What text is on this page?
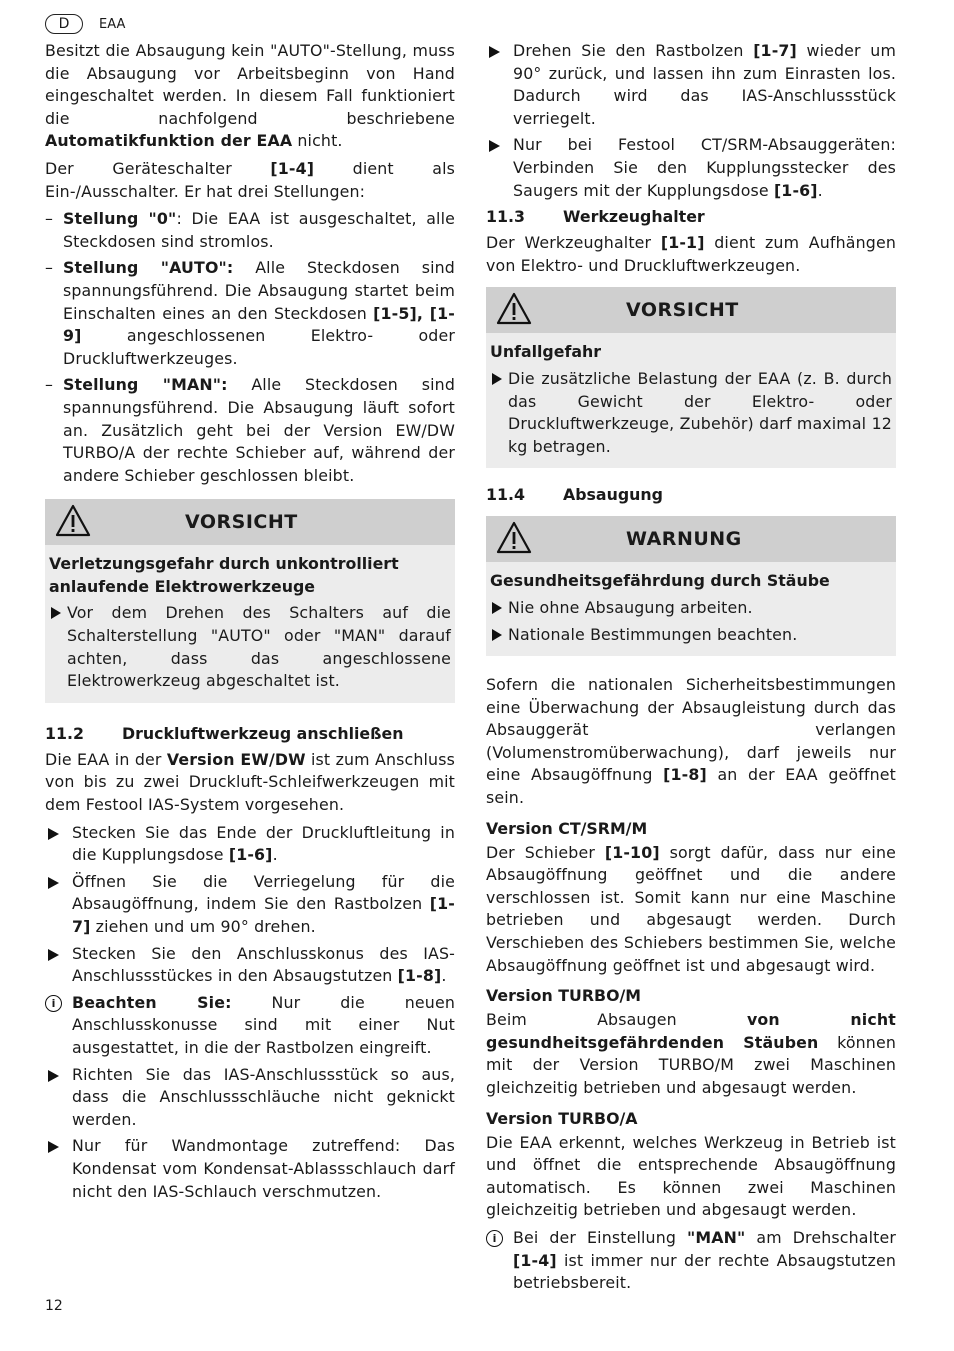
D	EAA

Besitzt die Absaugung kein "AUTO"-Stellung, muss die Absaugung vor Arbeitsbeginn von Hand eingeschaltet werden. In diesem Fall funktioniert die nachfolgend beschriebene Automatikfunktion der EAA nicht.

Der Geräteschalter [1-4] dient als Ein-/Ausschalter. Er hat drei Stellungen:

– Stellung "0": Die EAA ist ausgeschaltet, alle Steckdosen sind stromlos.
– Stellung "AUTO": Alle Steckdosen sind spannungsführend. Die Absaugung startet beim Einschalten eines an den Steckdosen [1-5], [1-9] angeschlossenen Elektro- oder Druckluftwerkzeuges.
– Stellung "MAN": Alle Steckdosen sind spannungsführend. Die Absaugung läuft sofort an. Zusätzlich geht bei der Version EW/DW TURBO/A der rechte Schieber auf, während der andere Schieber geschlossen bleibt.
VORSICHT
Verletzungsgefahr durch unkontrolliert anlaufende Elektrowerkzeuge
Vor dem Drehen des Schalters auf die Schalterstellung "AUTO" oder "MAN" darauf achten, dass das angeschlossene Elektrowerkzeug abgeschaltet ist.
11.2	Druckluftwerkzeug anschließen

Die EAA in der Version EW/DW ist zum Anschluss von bis zu zwei Druckluft-Schleifwerkzeugen mit dem Festool IAS-System vorgesehen.

Stecken Sie das Ende der Druckluftleitung in die Kupplungsdose [1-6].
Öffnen Sie die Verriegelung für die Absaugöffnung, indem Sie den Rastbolzen [1-7] ziehen und um 90° drehen.
Stecken Sie den Anschlusskonus des IAS-Anschlussstückes in den Absaugstutzen [1-8].
i	Beachten Sie: Nur die neuen Anschlusskonusse sind mit einer Nut ausgestattet, in die der Rastbolzen eingreift.
Richten Sie das IAS-Anschlussstück so aus, dass die Anschlussschläuche nicht geknickt werden.
Nur für Wandmontage zutreffend: Das Kondensat vom Kondensat-Ablassschlauch darf nicht den IAS-Schlauch verschmutzen.
Drehen Sie den Rastbolzen [1-7] wieder um 90° zurück, und lassen ihn zum Einrasten los. Dadurch wird das IAS-Anschlussstück verriegelt.
Nur bei Festool CT/SRM-Absauggeräten: Verbinden Sie den Kupplungsstecker des Saugers mit der Kupplungsdose [1-6].
11.3	Werkzeughalter

Der Werkzeughalter [1-1] dient zum Aufhängen von Elektro- und Druckluftwerkzeugen.

VORSICHT
Unfallgefahr
Die zusätzliche Belastung der EAA (z. B. durch das Gewicht der Elektro- oder Druckluftwerkzeuge, Zubehör) darf maximal 12 kg betragen.
11.4	Absaugung
WARNUNG
Gesundheitsgefährdung durch Stäube
Nie ohne Absaugung arbeiten.
Nationale Bestimmungen beachten.

Sofern die nationalen Sicherheitsbestimmungen eine Überwachung der Absaugleistung durch das Absauggerät verlangen (Volumenstromüberwachung), darf jeweils nur eine Absaugöffnung [1-8] an der EAA geöffnet sein.

Version CT/SRM/M

Der Schieber [1-10] sorgt dafür, dass nur eine Absaugöffnung geöffnet und die andere verschlossen ist. Somit kann nur eine Maschine betrieben und abgesaugt werden. Durch Verschieben des Schiebers bestimmen Sie, welche Absaugöffnung geöffnet ist und abgesaugt wird.

Version TURBO/M

Beim Absaugen von nicht gesundheitsgefährdenden Stäuben können mit der Version TURBO/M zwei Maschinen gleichzeitig betrieben und abgesaugt werden.

Version TURBO/A

Die EAA erkennt, welches Werkzeug in Betrieb ist und öffnet die entsprechende Absaugöffnung automatisch. Es können zwei Maschinen gleichzeitig betrieben und abgesaugt werden.

i	Bei der Einstellung "MAN" am Drehschalter [1-4] ist immer nur der rechte Absaugstutzen betriebsbereit.
12
